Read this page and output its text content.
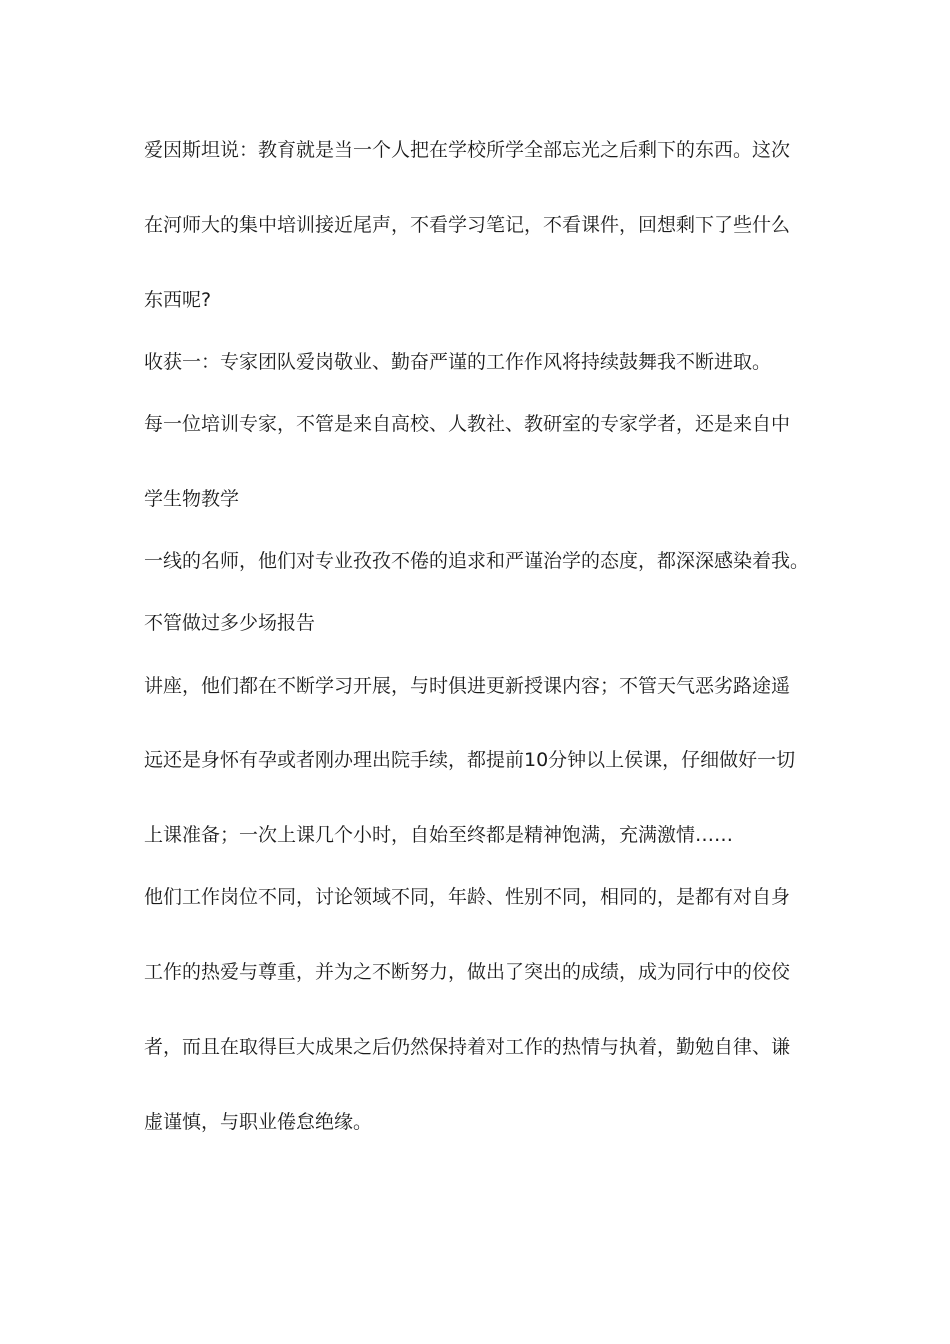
爱因斯坦说：教育就是当一个人把在学校所学全部忘光之后剩下的东西。这次

在河师大的集中培训接近尾声，不看学习笔记，不看课件，回想剩下了些什么

东西呢?

收获一：专家团队爱岗敬业、勤奋严谨的工作作风将持续鼓舞我不断进取。

每一位培训专家，不管是来自高校、人教社、教研室的专家学者，还是来自中

学生物教学

一线的名师，他们对专业孜孜不倦的追求和严谨治学的态度，都深深感染着我。

不管做过多少场报告

讲座，他们都在不断学习开展，与时俱进更新授课内容；不管天气恶劣路途遥

远还是身怀有孕或者刚办理出院手续，都提前10分钟以上侯课，仔细做好一切

上课准备；一次上课几个小时，自始至终都是精神饱满，充满激情……

他们工作岗位不同，讨论领域不同，年龄、性别不同，相同的，是都有对自身

工作的热爱与尊重，并为之不断努力，做出了突出的成绩，成为同行中的佼佼

者，而且在取得巨大成果之后仍然保持着对工作的热情与执着，勤勉自律、谦

虚谨慎，与职业倦怠绝缘。
